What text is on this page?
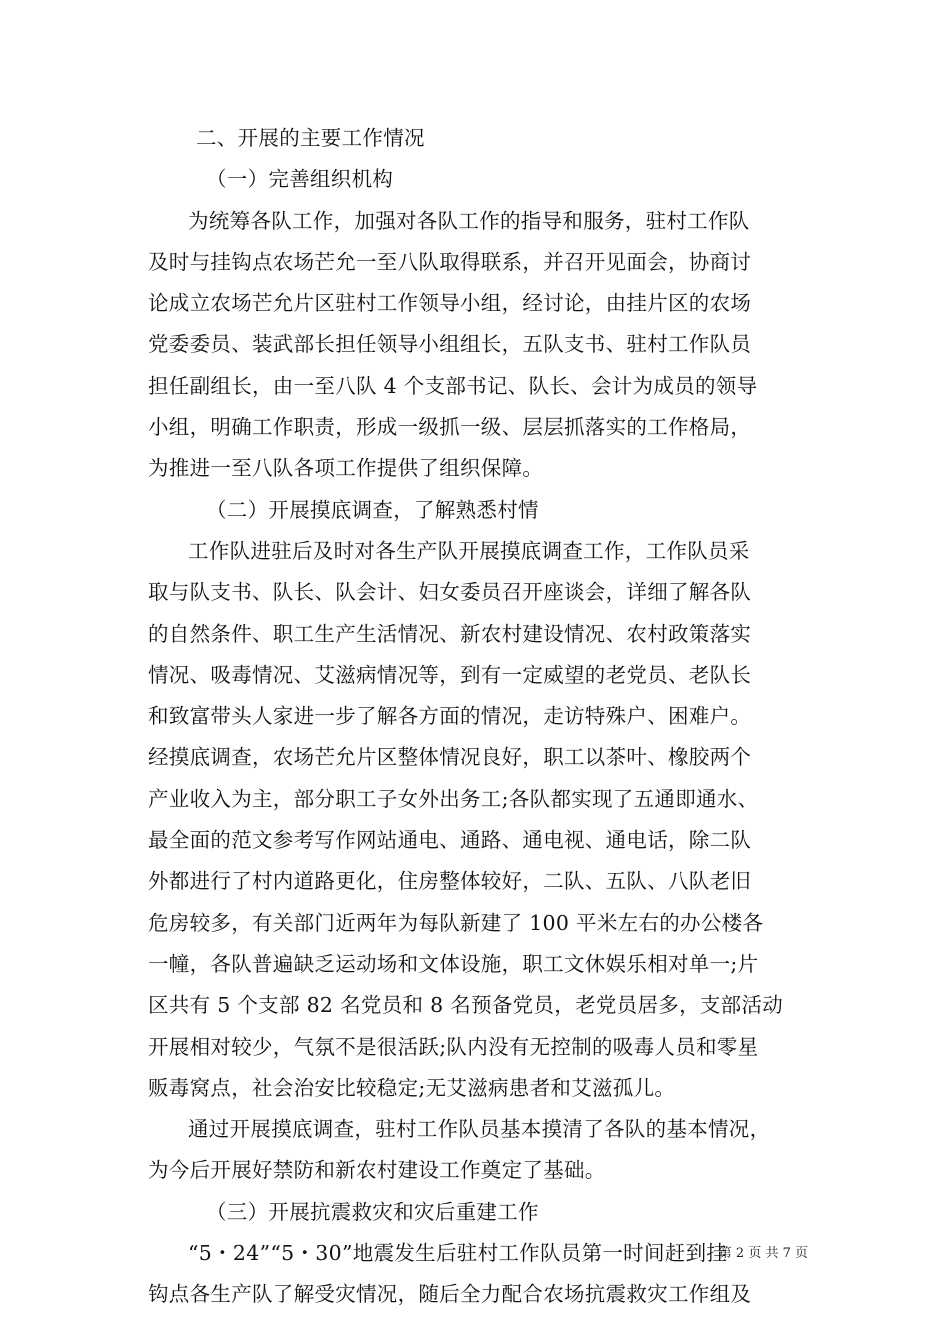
二、开展的主要工作情况
（一）完善组织机构
为统筹各队工作，加强对各队工作的指导和服务，驻村工作队
及时与挂钩点农场芒允一至八队取得联系，并召开见面会，协商讨
论成立农场芒允片区驻村工作领导小组，经讨论，由挂片区的农场
党委委员、装武部长担任领导小组组长，五队支书、驻村工作队员
担任副组长，由一至八队 4 个支部书记、队长、会计为成员的领导
小组，明确工作职责，形成一级抓一级、层层抓落实的工作格局，
为推进一至八队各项工作提供了组织保障。
（二）开展摸底调查，了解熟悉村情
工作队进驻后及时对各生产队开展摸底调查工作，工作队员采
取与队支书、队长、队会计、妇女委员召开座谈会，详细了解各队
的自然条件、职工生产生活情况、新农村建设情况、农村政策落实
情况、吸毒情况、艾滋病情况等，到有一定威望的老党员、老队长
和致富带头人家进一步了解各方面的情况，走访特殊户、困难户。
经摸底调查，农场芒允片区整体情况良好，职工以茶叶、橡胶两个
产业收入为主，部分职工子女外出务工;各队都实现了五通即通水、
最全面的范文参考写作网站通电、通路、通电视、通电话，除二队
外都进行了村内道路更化，住房整体较好，二队、五队、八队老旧
危房较多，有关部门近两年为每队新建了 100 平米左右的办公楼各
一幢，各队普遍缺乏运动场和文体设施，职工文休娱乐相对单一;片
区共有 5 个支部 82 名党员和 8 名预备党员，老党员居多，支部活动
开展相对较少，气氛不是很活跃;队内没有无控制的吸毒人员和零星
贩毒窝点，社会治安比较稳定;无艾滋病患者和艾滋孤儿。
通过开展摸底调查，驻村工作队员基本摸清了各队的基本情况，
为今后开展好禁防和新农村建设工作奠定了基础。
（三）开展抗震救灾和灾后重建工作
“5・24”“5・30”地震发生后驻村工作队员第一时间赶到挂
钩点各生产队了解受灾情况，随后全力配合农场抗震救灾工作组及
第 2 页 共 7 页
